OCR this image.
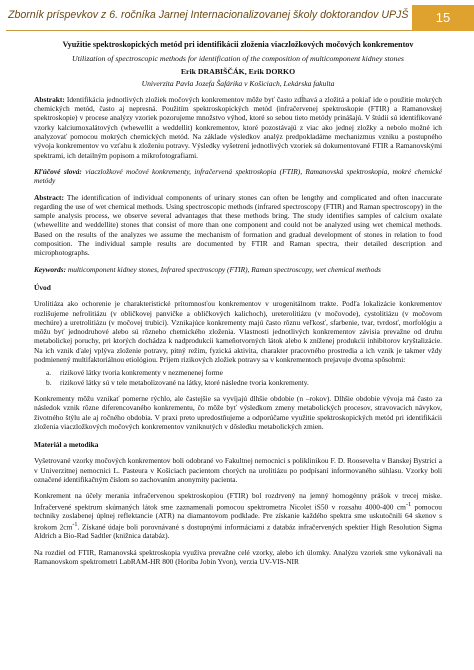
Zborník príspevkov z 6. ročníka Jarnej Internacionalizovanej školy doktorandov UPJŠ	15
Využitie spektroskopických metód pri identifikácii zloženia viaczložkových močových konkrementov
Utilization of spectroscopic methods for identification of the composition of multicomponent kidney stones
Erik DRABIŠČÁK, Erik DORKO
Univerzita Pavla Jozefa Šafárika v Košiciach, Lekárska fakulta

Abstrakt: Identifikácia jednotlivých zložiek močových konkrementov môže byť často zdĺhavá a zložitá a pokiaľ ide o použitie mokrých chemických metód, často aj nepresná. Použitím spektroskopických metód (infračervenej spektroskopie (FTIR) a Ramanovskej spektroskopie) v procese analýzy vzoriek pozorujeme množstvo výhod, ktoré so sebou tieto metódy prinášajú. V štúdii sú identifikované vzorky kalciumoxalátových (whewellit a weddellit) konkrementov, ktoré pozostávajú z viac ako jednej zložky a nebolo možné ich analyzovať pomocou mokrých chemických metód. Na základe výsledkov analýz predpokladáme mechanizmus vzniku a postupného vývoja konkrementov vo vzťahu k zloženiu potravy. Výsledky vyšetrení jednotlivých vzoriek sú dokumentované FTIR a Ramanovskými spektrami, ich detailným popisom a mikrofotografiami.

Kľúčové slová: viaczložkové močové konkrementy, infračervená spektroskopia (FTIR), Ramanovská spektroskopia, mokré chemické metódy

Abstract: The identification of individual components of urinary stones can often be lengthy and complicated and often inaccurate regarding the use of wet chemical methods. Using spectroscopic methods (infrared spectroscopy (FTIR) and Raman spectroscopy) in the sample analysis process, we observe several advantages that these methods bring. The study identifies samples of calcium oxalate (whewellite and weddellite) stones that consist of more than one component and could not be analyzed using wet chemical methods. Based on the results of the analyzes we assume the mechanism of formation and gradual development of stones in relation to food composition. The individual sample results are documented by FTIR and Raman spectra, their detailed description and microphotographs.

Keywords: multicomponent kidney stones, Infrared spectroscopy (FTIR), Raman spectroscopy, wet chemical methods

Úvod

Urolitiáza ako ochorenie je charakteristické prítomnosťou konkrementov v urogenitálnom trakte. Podľa lokalizácie konkrementov rozlišujeme nefrolitiázu (v obličkovej panvičke a obličkových kalichoch), ureterolitiázu (v močovode), cystolitiázu (v močovom mechúre) a uretrolitiázu (v močovej trubici). Vznikajúce konkrementy majú často rôznu veľkosť, sfarbenie, tvar, tvrdosť, morfológiu a môžu byť jednodruhové alebo sú rôzneho chemického zloženia. Vlastnosti jednotlivých konkrementov závisia prevažne od druhu metabolickej poruchy, pri ktorých dochádza k nadprodukcii kameňotvorných látok alebo k zníženej produkcii inhibítorov kryštalizácie. Na ich vznik ďalej vplýva zloženie potravy, pitný režim, fyzická aktivita, charakter pracovného prostredia a ich vznik je takmer vždy podmienený multifaktoriálnou etiológiou. Prijem rizikových zložiek potravy sa v konkrementoch prejavuje dvoma spôsobmi:

a. rizikové látky tvoria konkrementy v nezmenenej forme
b. rizikové látky sú v tele metabolizované na látky, ktoré následne tvoria konkrementy.

Konkrementy môžu vznikať pomerne rýchlo, ale častejšie sa vyvíjajú dlhšie obdobie (n –rokov). Dlhšie obdobie vývoja má často za následok vznik rôzne diferencovaného konkrementu, čo môže byť výsledkom zmeny metabolických procesov, stravovacích návykov, životného štýlu ale aj ročného obdobia. V praxi preto upredostňujeme a odporúčame využitie spektroskopických metód pri identifikácii zloženia viaczložkových močových konkrementov vzniknutých v dôsledku metabolických zmien.

Materiál a metodika

Vyšetrované vzorky močových konkrementov boli odobrané vo Fakultnej nemocnici s poliklinikou F. D. Roosevelta v Banskej Bystrici a v Univerzitnej nemocnici L. Pasteura v Košiciach pacientom chorých na urolitiázu po podpísaní informovaného súhlasu. Vzorky boli označené identifikačným číslom so zachovaním anonymity pacienta.

Konkrement na účely merania infračervenou spektroskopiou (FTIR) bol rozdrvený na jemný homogénny prášok v trecej miske. Infračervené spektrum skúmaných látok sme zaznamenali pomocou spektrometra Nicolet iS50 v rozsahu 4000-400 $cm^{-1}$ pomocou techniky zoslabenej úplnej reflektancie (ATR) na diamantovom podklade. Pre získanie každého spektra sme uskutočnili 64 skenov s krokom $2cm^{-1}$. Získané údaje boli porovnávané s dostupnými informáciami z databáz infračervených spektier High Resolution Sigma Aldrich a Bio-Rad Sadtler (knižnica databáz).

Na rozdiel od FTIR, Ramanovská spektroskopia využíva prevažne celé vzorky, alebo ich úlomky. Analýzu vzoriek sme vykonávali na Ramanovskom spektrometri LabRAM-HR 800 (Horiba Jobin Yvon), verzia UV-VIS-NIR
